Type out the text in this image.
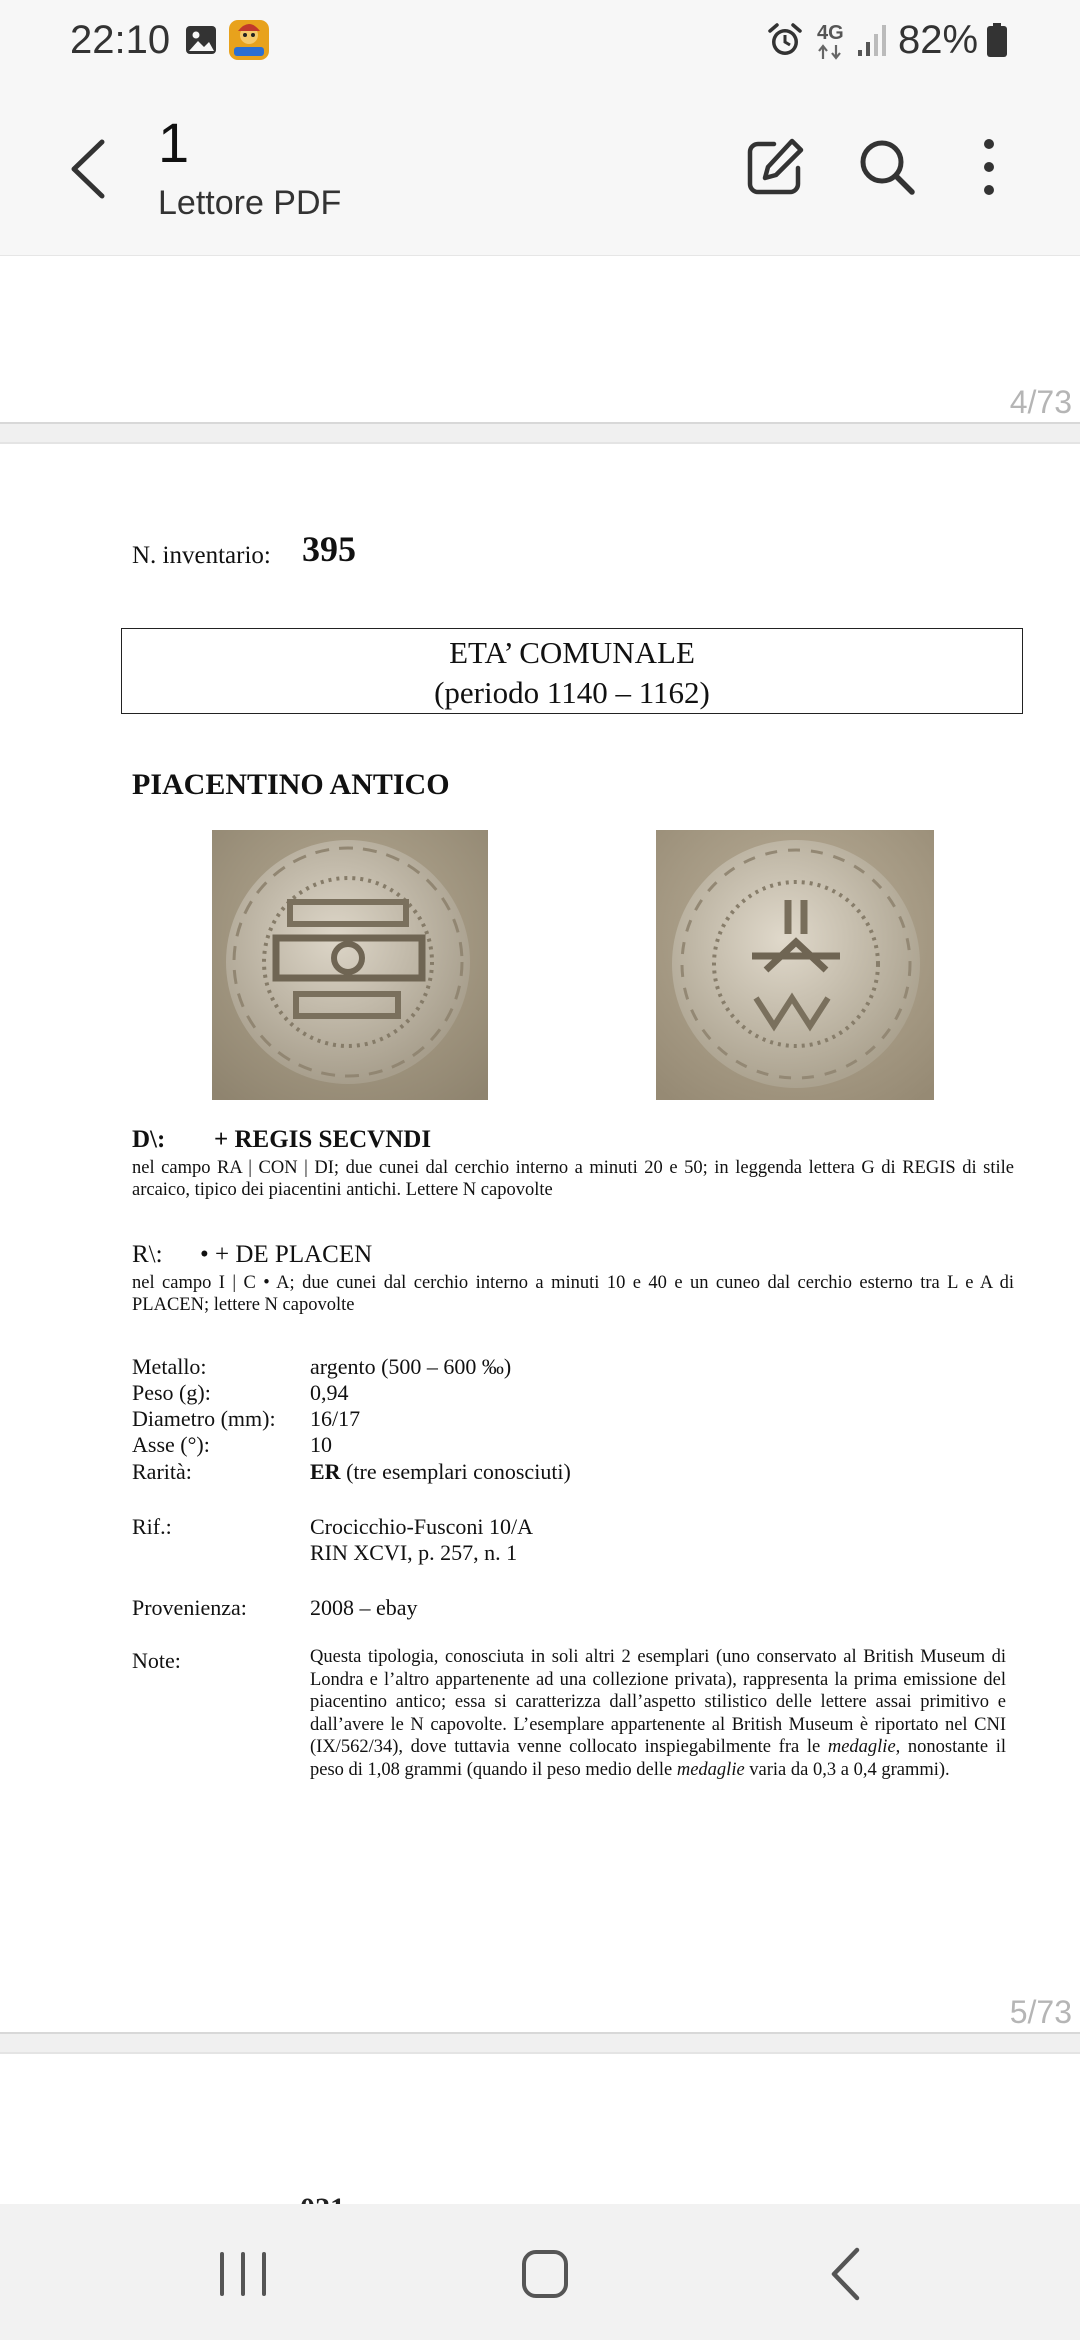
22:10	4G 82%
1
Lettore PDF
4/73
N. inventario: 395
ETA’ COMUNALE
(periodo 1140 – 1162)
PIACENTINO ANTICO
D\: + REGIS SECVNDI
nel campo RA | CON | DI; due cunei dal cerchio interno a minuti 20 e 50; in leggenda lettera G di REGIS di stile arcaico, tipico dei piacentini antichi. Lettere N capovolte
R\: • + DE PLACEN
nel campo I | C • A; due cunei dal cerchio interno a minuti 10 e 40 e un cuneo dal cerchio esterno tra L e A di PLACEN; lettere N capovolte
Metallo:	argento (500 – 600 ‰)
Peso (g):	0,94
Diametro (mm): 16/17
Asse (°):	10
Rarità:	ER (tre esemplari conosciuti)
Rif.:	Crocicchio-Fusconi 10/A
RIN XCVI, p. 257, n. 1
Provenienza:	2008 – ebay
Note:	Questa tipologia, conosciuta in soli altri 2 esemplari (uno conservato al British Museum di Londra e l’altro appartenente ad una collezione privata), rappresenta la prima emissione del piacentino antico; essa si caratterizza dall’aspetto stilistico delle lettere assai primitivo e dall’avere le N capovolte. L’esemplare appartenente al British Museum è riportato nel CNI (IX/562/34), dove tuttavia venne collocato inspiegabilmente fra le medaglie, nonostante il peso di 1,08 grammi (quando il peso medio delle medaglie varia da 0,3 a 0,4 grammi).
5/73
